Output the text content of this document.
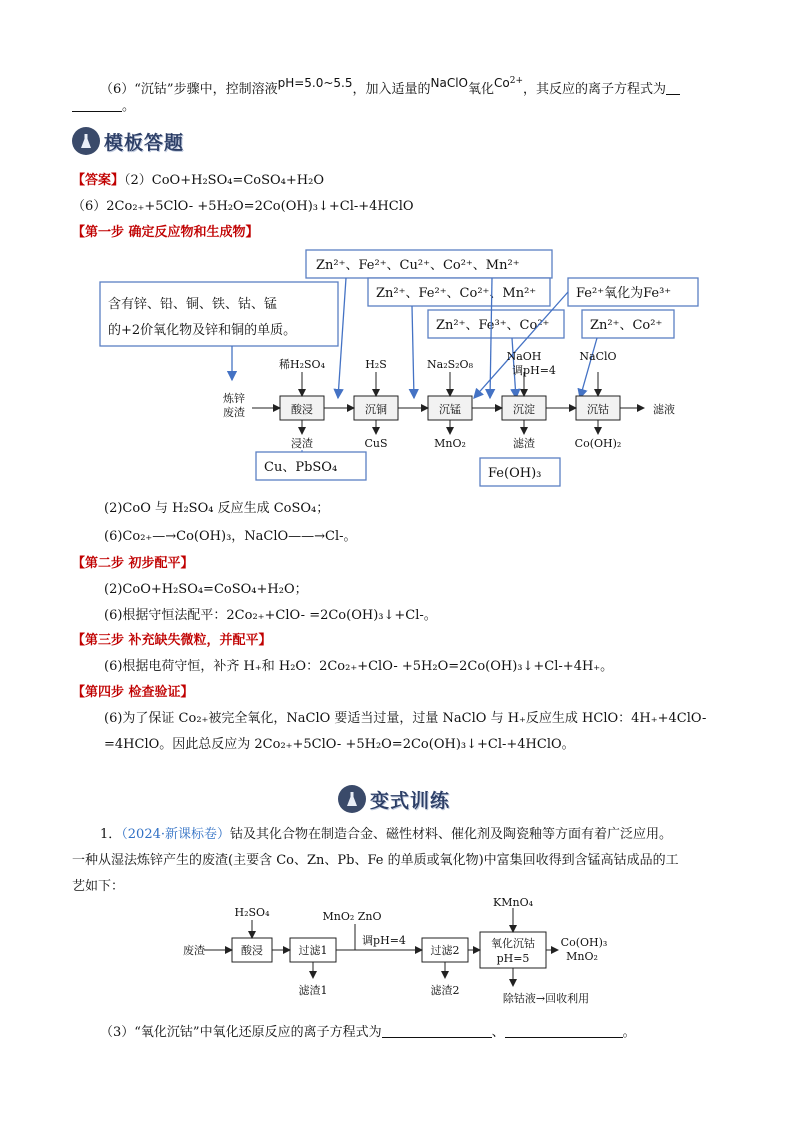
（6）“沉钴”步骤中，控制溶液pH=5.0~5.5，加入适量的NaClO氧化$Co^{2+}$，其反应的离子方程式为
。
模板答题
【答案】（2）CoO+H₂SO₄=CoSO₄+H₂O
（6）2Co₂₊+5ClO- +5H₂O=2Co(OH)₃↓+Cl-+4HClO
【第一步 确定反应物和生成物】
Zn²⁺、Fe²⁺、Cu²⁺、Co²⁺、Mn²⁺
含有锌、铅、铜、铁、钴、锰
的+2价氧化物及锌和铜的单质。
Zn²⁺、Fe²⁺、Co²⁺、Mn²⁺	Fe²⁺氧化为Fe³⁺
Zn²⁺、Fe³⁺、Co²⁺	Zn²⁺、Co²⁺
Cu、PbSO₄	Fe(OH)₃
炼锌
废渣
稀H₂SO₄	H₂S	Na₂S₂O₈
NaOH
调pH=4
NaClO
酸浸	沉铜	沉锰	沉淀	沉钴	滤液
浸渣	CuS	MnO₂	滤渣	Co(OH)₂
(2)CoO 与 H₂SO₄ 反应生成 CoSO₄；
(6)Co₂₊—→Co(OH)₃，NaClO——→Cl-。
【第二步 初步配平】
(2)CoO+H₂SO₄=CoSO₄+H₂O；
(6)根据守恒法配平：2Co₂₊+ClO- =2Co(OH)₃↓+Cl-。
【第三步 补充缺失微粒，并配平】
(6)根据电荷守恒，补齐 H₊和 H₂O：2Co₂₊+ClO- +5H₂O=2Co(OH)₃↓+Cl-+4H₊。
【第四步 检查验证】
(6)为了保证 Co₂₊被完全氧化，NaClO 要适当过量，过量 NaClO 与 H₊反应生成 HClO：4H₊+4ClO-
=4HClO。因此总反应为 2Co₂₊+5ClO- +5H₂O=2Co(OH)₃↓+Cl-+4HClO。
变式训练
1．（2024·新课标卷）钴及其化合物在制造合金、磁性材料、催化剂及陶瓷釉等方面有着广泛应用。
一种从湿法炼锌产生的废渣(主要含 Co、Zn、Pb、Fe 的单质或氧化物)中富集回收得到含锰高钴成品的工
艺如下：
废渣
H₂SO₄	MnO₂ ZnO
调pH=4
KMnO₄
酸浸	过滤1	过滤2
氧化沉钴
pH=5
Co(OH)₃
MnO₂
滤渣1	滤渣2
除钴液→回收利用
（3）“氧化沉钴”中氧化还原反应的离子方程式为	、	。
